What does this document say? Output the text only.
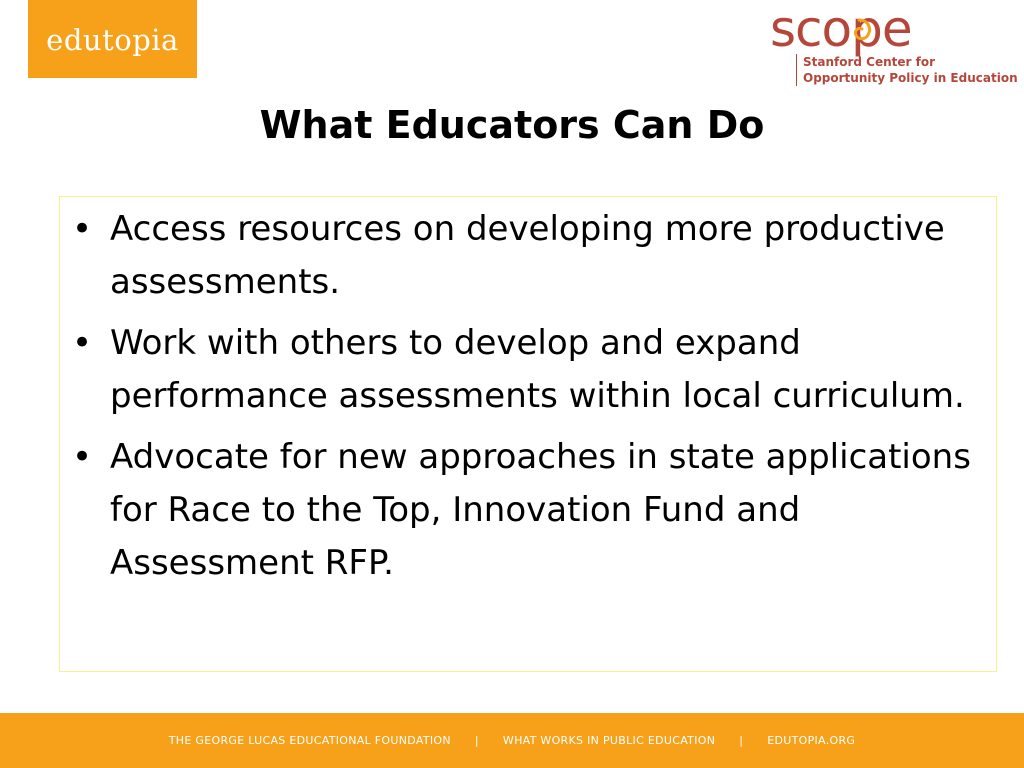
edutopia	scope
Stanford Center for
Opportunity Policy in Education
What Educators Can Do
• Access resources on developing more productive assessments.
• Work with others to develop and expand performance assessments within local curriculum.
• Advocate for new approaches in state applications for Race to the Top, Innovation Fund and Assessment RFP.
THE GEORGE LUCAS EDUCATIONAL FOUNDATION | WHAT WORKS IN PUBLIC EDUCATION | EDUTOPIA.ORG
